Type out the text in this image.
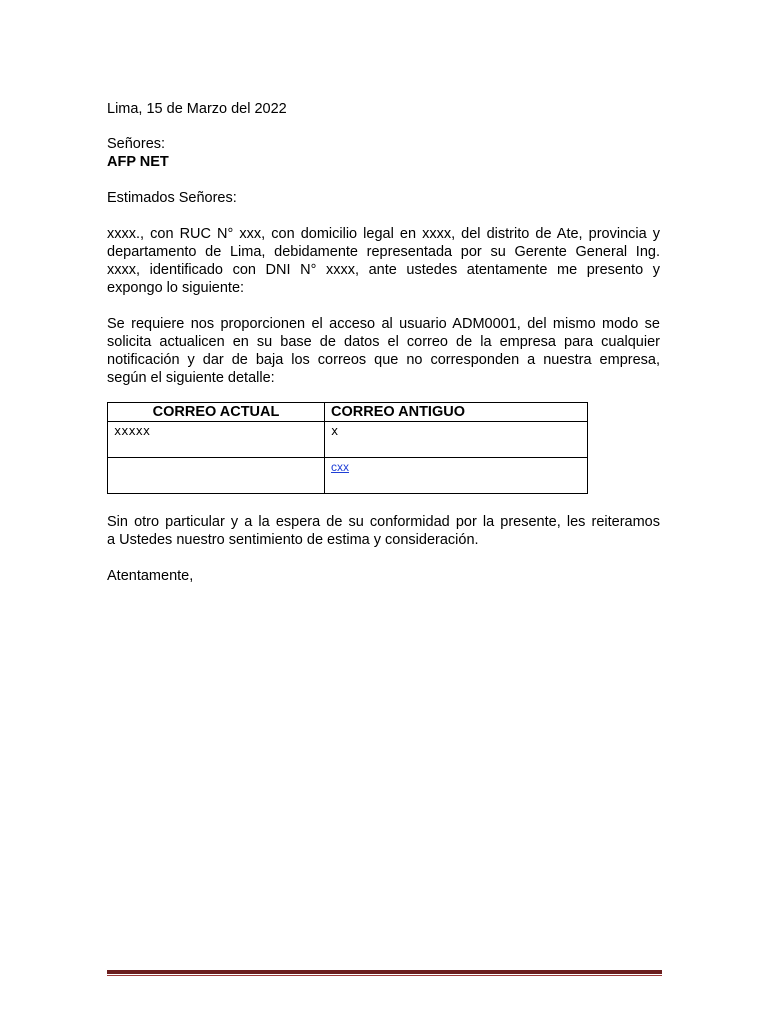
Lima, 15 de Marzo del 2022
Señores:
AFP NET
Estimados Señores:
xxxx., con RUC N° xxx, con domicilio legal en xxxx, del distrito de Ate, provincia y
departamento de Lima, debidamente representada por su Gerente General Ing.
xxxx, identificado con DNI N° xxxx, ante ustedes atentamente me presento y
expongo lo siguiente:
Se requiere nos proporcionen el acceso al usuario ADM0001, del mismo modo se
solicita actualicen en su base de datos el correo de la empresa para cualquier
notificación y dar de baja los correos que no corresponden a nuestra empresa,
según el siguiente detalle:
CORREO ACTUAL	CORREO ANTIGUO
xxxxx	x
	cxx
Sin otro particular y a la espera de su conformidad por la presente, les reiteramos
a Ustedes nuestro sentimiento de estima y consideración.
Atentamente,
